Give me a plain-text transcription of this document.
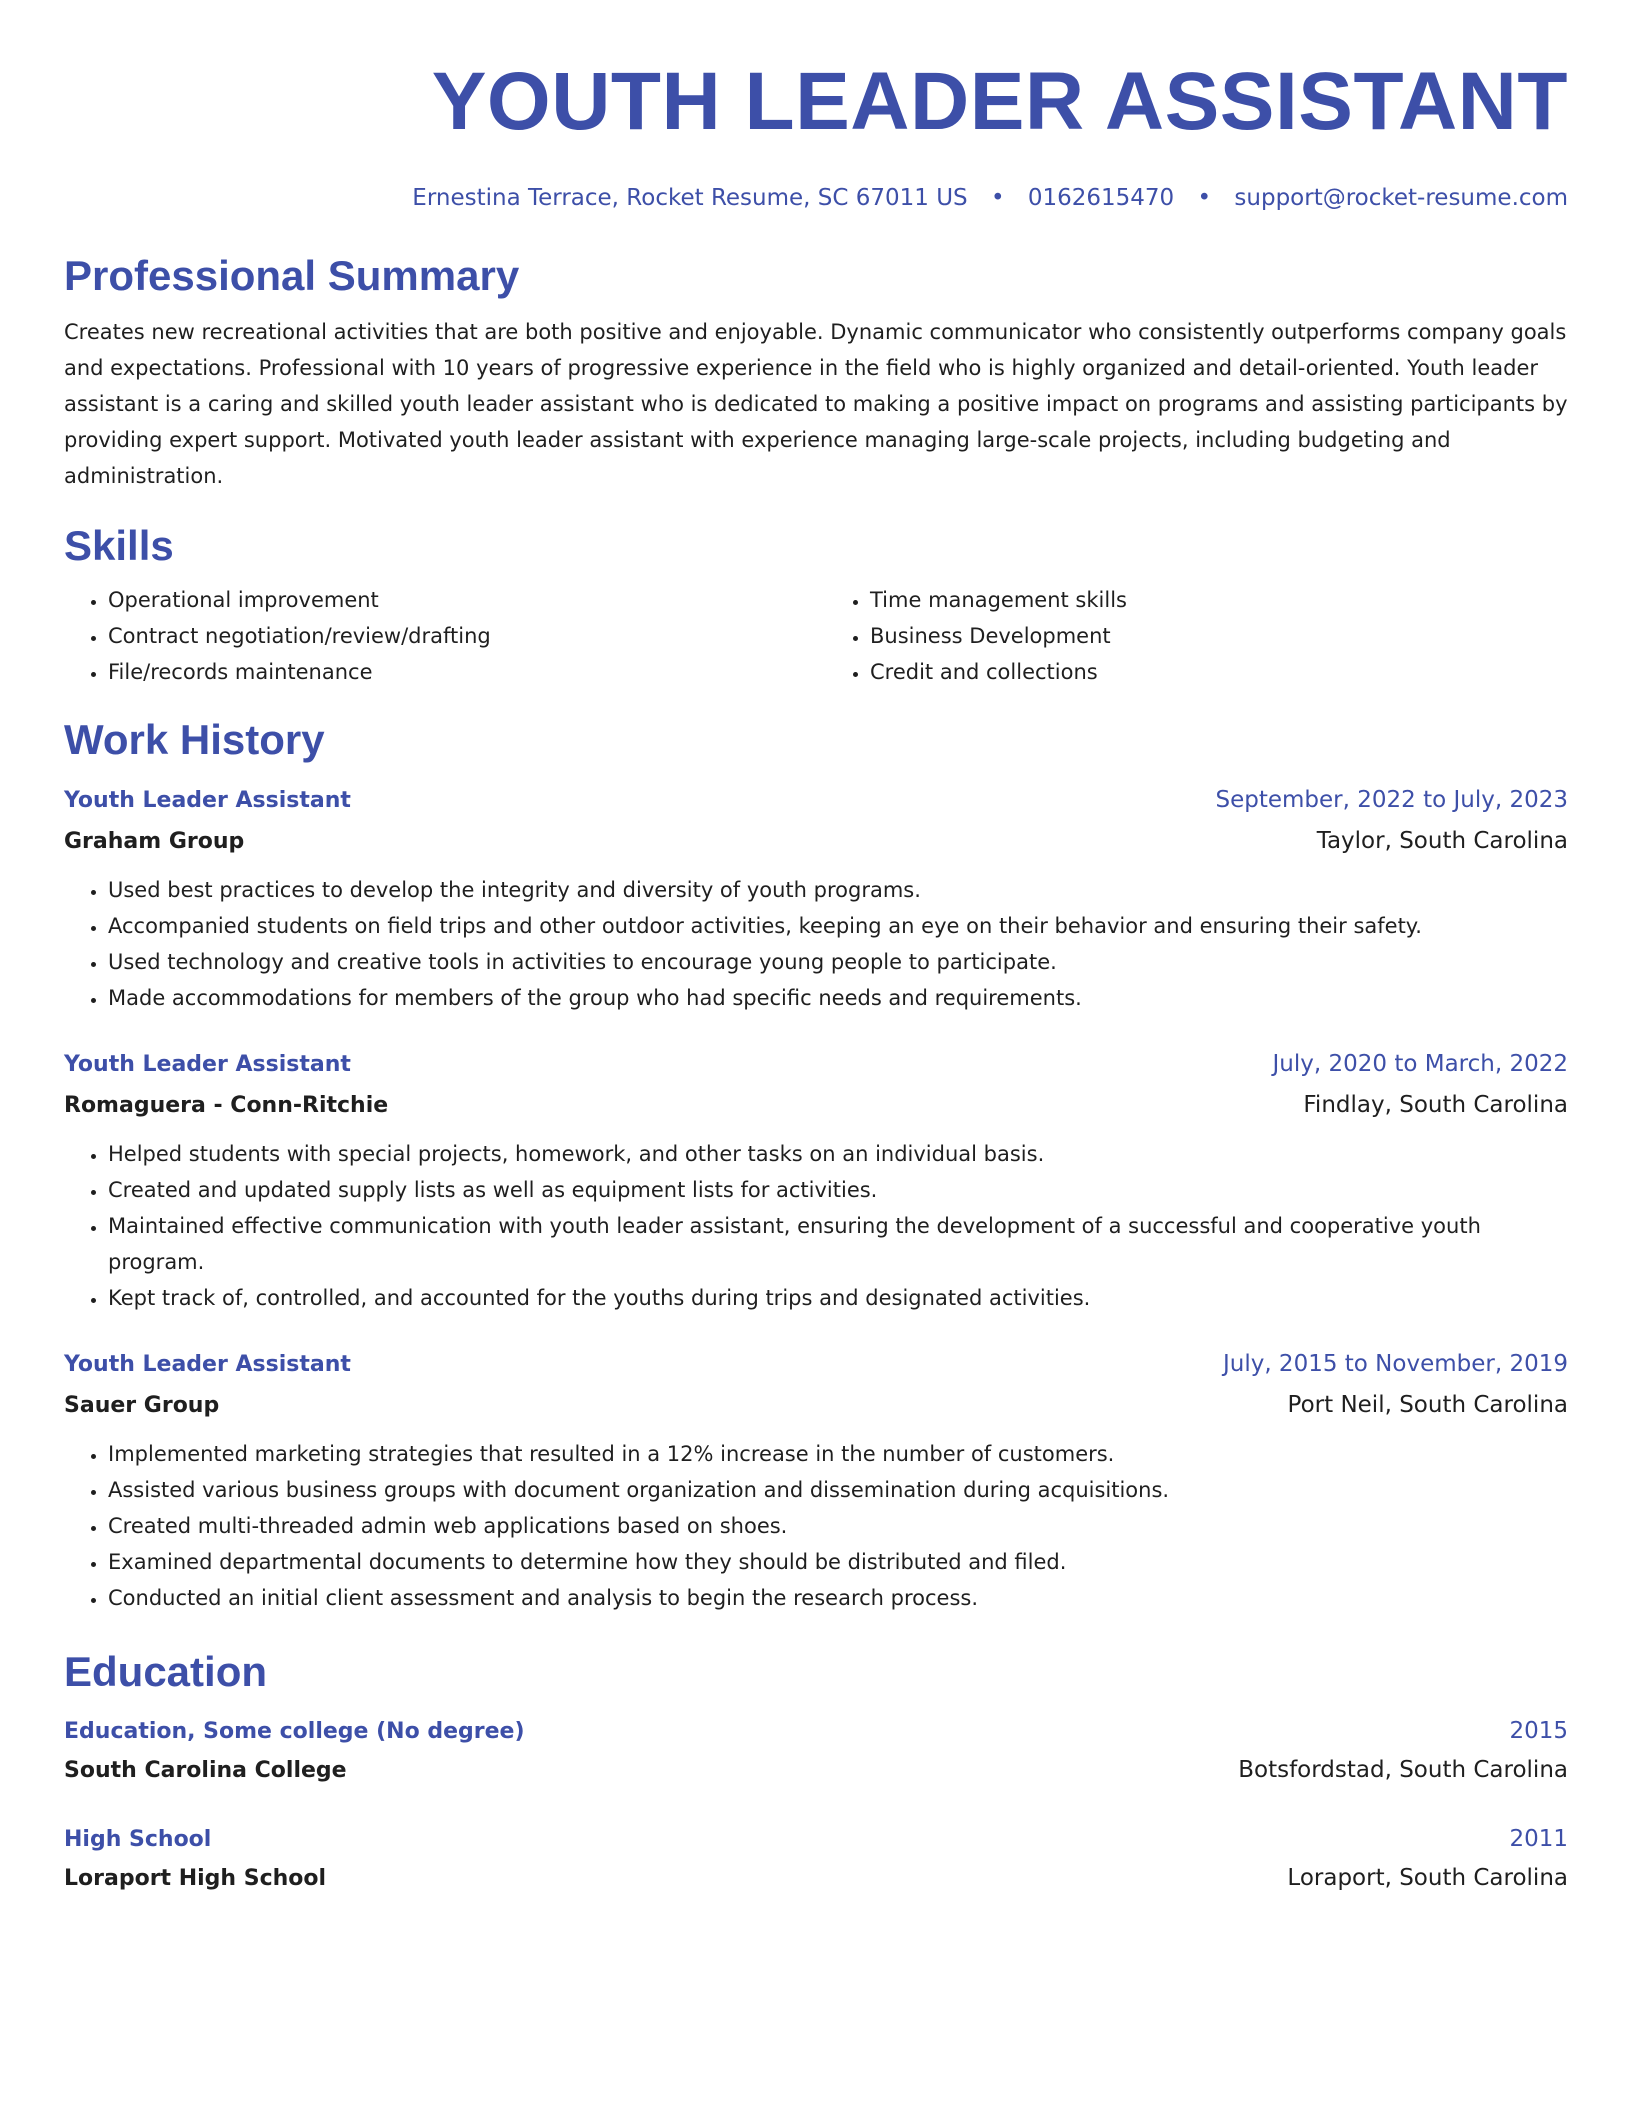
YOUTH LEADER ASSISTANT
Ernestina Terrace, Rocket Resume, SC 67011 US • 0162615470 • support@rocket-resume.com
Professional Summary
Creates new recreational activities that are both positive and enjoyable. Dynamic communicator who consistently outperforms company goals and expectations. Professional with 10 years of progressive experience in the field who is highly organized and detail-oriented. Youth leader assistant is a caring and skilled youth leader assistant who is dedicated to making a positive impact on programs and assisting participants by providing expert support. Motivated youth leader assistant with experience managing large-scale projects, including budgeting and administration.
Skills
• Operational improvement
• Contract negotiation/review/drafting
• File/records maintenance
• Time management skills
• Business Development
• Credit and collections
Work History
Youth Leader Assistant	September, 2022 to July, 2023
Graham Group	Taylor, South Carolina
• Used best practices to develop the integrity and diversity of youth programs.
• Accompanied students on field trips and other outdoor activities, keeping an eye on their behavior and ensuring their safety.
• Used technology and creative tools in activities to encourage young people to participate.
• Made accommodations for members of the group who had specific needs and requirements.
Youth Leader Assistant	July, 2020 to March, 2022
Romaguera - Conn-Ritchie	Findlay, South Carolina
• Helped students with special projects, homework, and other tasks on an individual basis.
• Created and updated supply lists as well as equipment lists for activities.
• Maintained effective communication with youth leader assistant, ensuring the development of a successful and cooperative youth program.
• Kept track of, controlled, and accounted for the youths during trips and designated activities.
Youth Leader Assistant	July, 2015 to November, 2019
Sauer Group	Port Neil, South Carolina
• Implemented marketing strategies that resulted in a 12% increase in the number of customers.
• Assisted various business groups with document organization and dissemination during acquisitions.
• Created multi-threaded admin web applications based on shoes.
• Examined departmental documents to determine how they should be distributed and filed.
• Conducted an initial client assessment and analysis to begin the research process.
Education
Education, Some college (No degree)	2015
South Carolina College	Botsfordstad, South Carolina
High School	2011
Loraport High School	Loraport, South Carolina
